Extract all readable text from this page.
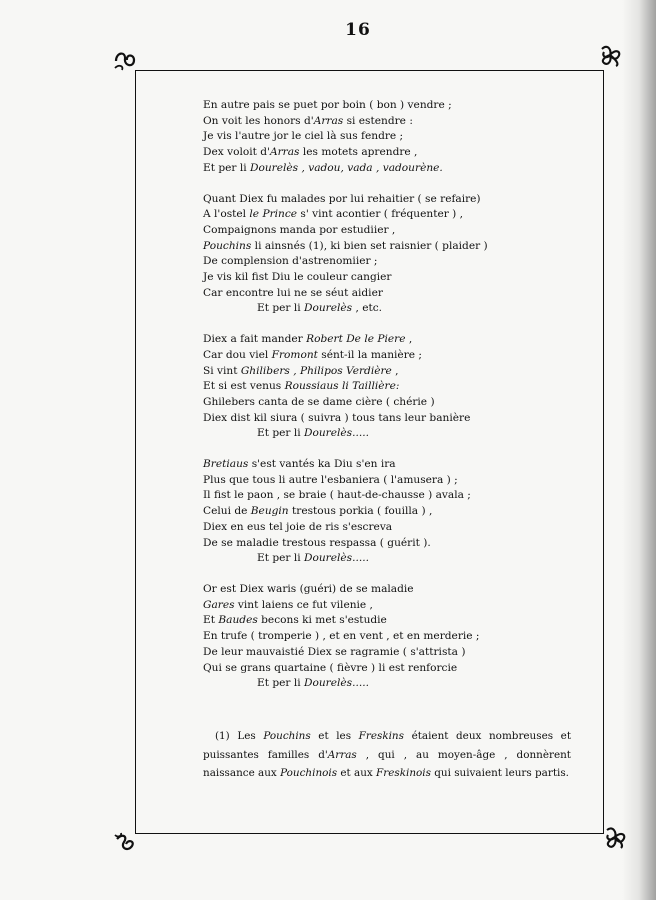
16
En autre pais se puet por boin ( bon ) vendre ;
On voit les honors d'Arras si estendre :
Je vis l'autre jor le ciel là sus fendre ;
Dex voloit d'Arras les motets aprendre ,
Et per li Dourelès , vadou, vada , vadourène.
Quant Diex fu malades por lui rehaitier ( se refaire)
A l'ostel le Prince s' vint acontier ( fréquenter ) ,
Compaignons manda por estudiier ,
Pouchins li ainsnés (1), ki bien set raisnier ( plaider )
De complension d'astrenomiier ;
Je vis kil fist Diu le couleur cangier
Car encontre lui ne se séut aidier
Et per li Dourelès , etc.
Diex a fait mander Robert De le Piere ,
Car dou viel Fromont sént-il la manière ;
Si vint Ghilibers , Philipos Verdière ,
Et si est venus Roussiaus li Taillière:
Ghilebers canta de se dame cière ( chérie )
Diex dist kil siura ( suivra ) tous tans leur banière
Et per li Dourelès.....
Bretiaus s'est vantés ka Diu s'en ira
Plus que tous li autre l'esbaniera ( l'amusera ) ;
Il fist le paon , se braie ( haut-de-chausse ) avala ;
Celui de Beugin trestous porkia ( fouilla ) ,
Diex en eus tel joie de ris s'escreva
De se maladie trestous respassa ( guérit ).
Et per li Dourelès.....
Or est Diex waris (guéri) de se maladie
Gares vint laiens ce fut vilenie ,
Et Baudes becons ki met s'estudie
En trufe ( tromperie ) , et en vent , et en merderie ;
De leur mauvaistié Diex se ragramie ( s'attrista )
Qui se grans quartaine ( fièvre ) li est renforcie
Et per li Dourelès.....
(1) Les Pouchins et les Freskins étaient deux nombreuses et puissantes familles d'Arras , qui , au moyen-âge , donnèrent naissance aux Pouchinois et aux Freskinois qui suivaient leurs partis.
